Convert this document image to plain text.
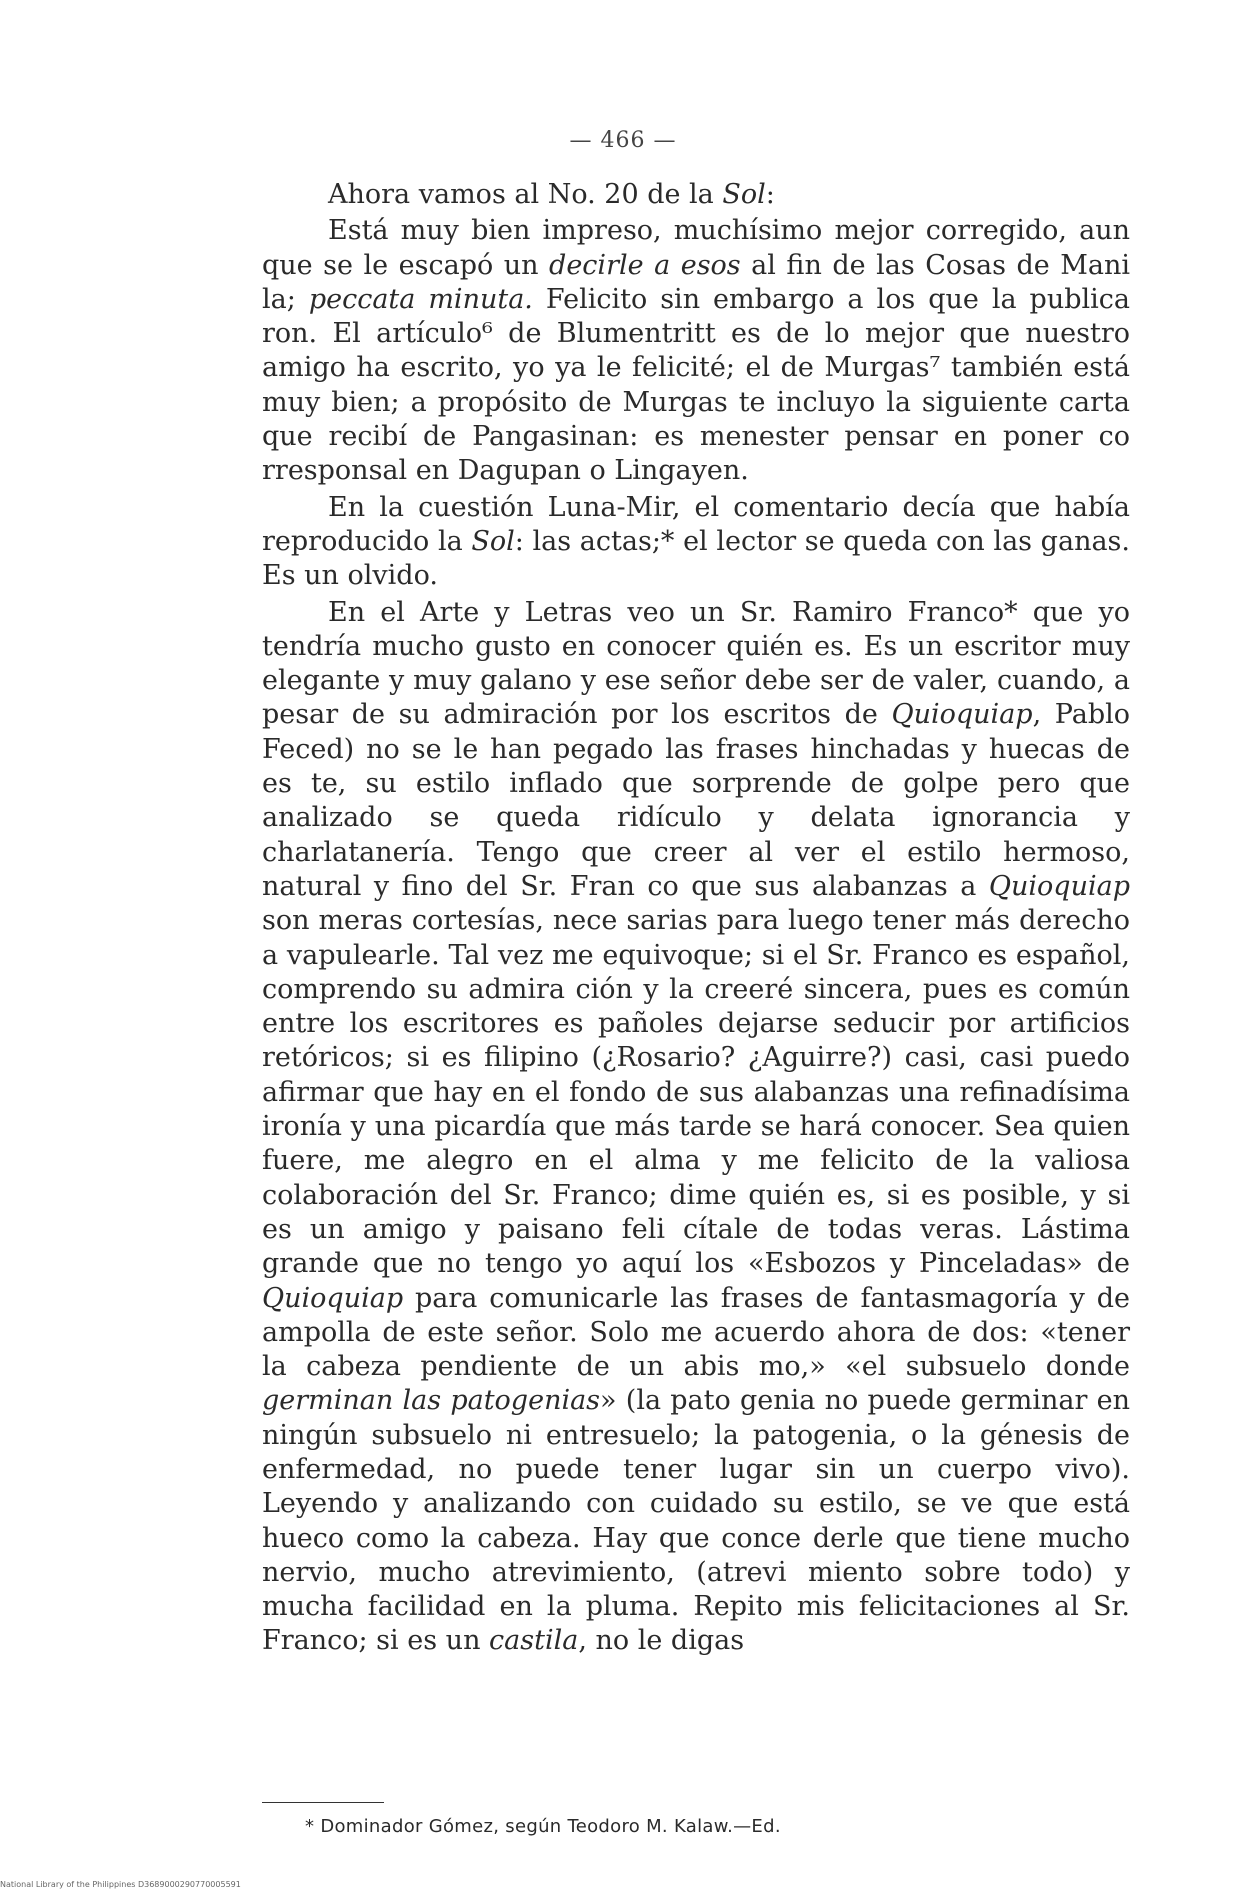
— 466 —

Ahora vamos al No. 20 de la Sol:

Está muy bien impreso, muchísimo mejor corregido, aun que se le escapó un decirle a esos al fin de las Cosas de Mani la; peccata minuta. Felicito sin embargo a los que la publica ron. El artículo⁶ de Blumentritt es de lo mejor que nuestro amigo ha escrito, yo ya le felicité; el de Murgas⁷ también está muy bien; a propósito de Murgas te incluyo la siguiente carta que recibí de Pangasinan: es menester pensar en poner co rresponsal en Dagupan o Lingayen.

En la cuestión Luna-Mir, el comentario decía que había reproducido la Sol: las actas;* el lector se queda con las ganas. Es un olvido.

En el Arte y Letras veo un Sr. Ramiro Franco* que yo tendría mucho gusto en conocer quién es. Es un escritor muy elegante y muy galano y ese señor debe ser de valer, cuando, a pesar de su admiración por los escritos de Quioquiap, Pablo Feced) no se le han pegado las frases hinchadas y huecas de es te, su estilo inflado que sorprende de golpe pero que analizado se queda ridículo y delata ignorancia y charlatanería. Tengo que creer al ver el estilo hermoso, natural y fino del Sr. Fran co que sus alabanzas a Quioquiap son meras cortesías, nece sarias para luego tener más derecho a vapulearle. Tal vez me equivoque; si el Sr. Franco es español, comprendo su admira ción y la creeré sincera, pues es común entre los escritores es pañoles dejarse seducir por artificios retóricos; si es filipino (¿Rosario? ¿Aguirre?) casi, casi puedo afirmar que hay en el fondo de sus alabanzas una refinadísima ironía y una picardía que más tarde se hará conocer. Sea quien fuere, me alegro en el alma y me felicito de la valiosa colaboración del Sr. Franco; dime quién es, si es posible, y si es un amigo y paisano feli cítale de todas veras. Lástima grande que no tengo yo aquí los «Esbozos y Pinceladas» de Quioquiap para comunicarle las frases de fantasmagoría y de ampolla de este señor. Solo me acuerdo ahora de dos: «tener la cabeza pendiente de un abis mo,» «el subsuelo donde germinan las patogenias» (la pato genia no puede germinar en ningún subsuelo ni entresuelo; la patogenia, o la génesis de enfermedad, no puede tener lugar sin un cuerpo vivo). Leyendo y analizando con cuidado su estilo, se ve que está hueco como la cabeza. Hay que conce derle que tiene mucho nervio, mucho atrevimiento, (atrevi miento sobre todo) y mucha facilidad en la pluma. Repito mis felicitaciones al Sr. Franco; si es un castila, no le digas

* Dominador Gómez, según Teodoro M. Kalaw.—Ed.
National Library of the Philippines D3689000290770005591
